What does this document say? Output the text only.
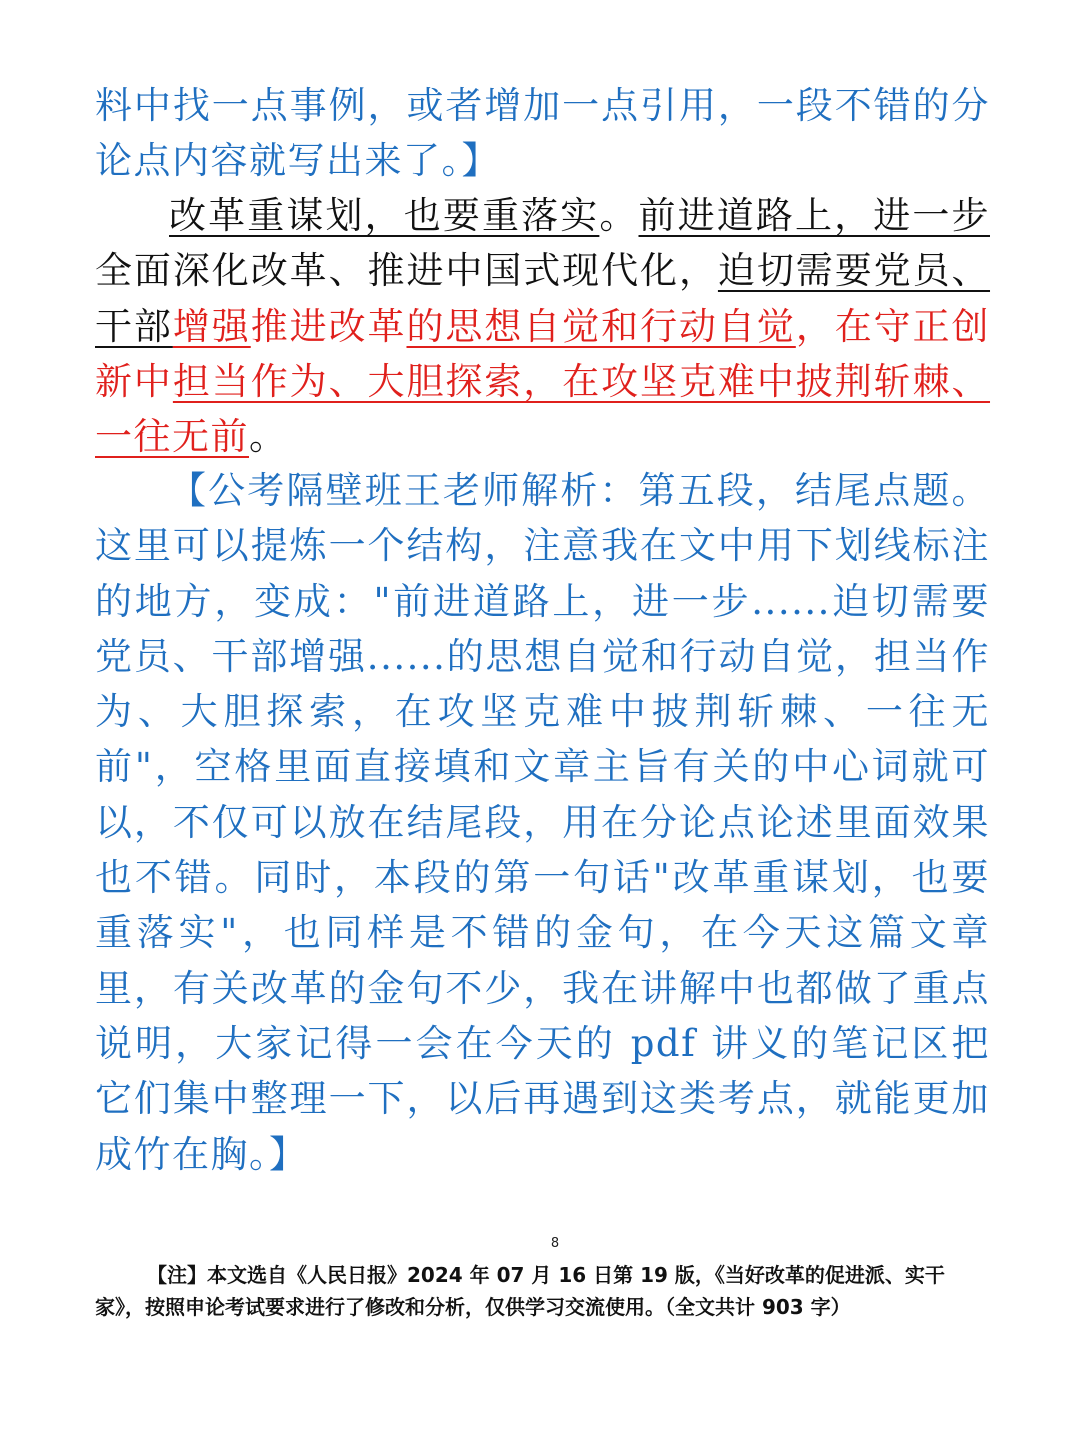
料中找一点事例，或者增加一点引用，一段不错的分论点内容就写出来了。】

改革重谋划，也要重落实。前进道路上，进一步全面深化改革、推进中国式现代化，迫切需要党员、干部增强推进改革的思想自觉和行动自觉，在守正创新中担当作为、大胆探索，在攻坚克难中披荆斩棘、一往无前。

【公考隔壁班王老师解析：第五段，结尾点题。这里可以提炼一个结构，注意我在文中用下划线标注的地方，变成："前进道路上，进一步......迫切需要党员、干部增强......的思想自觉和行动自觉，担当作为、大胆探索，在攻坚克难中披荆斩棘、一往无前"，空格里面直接填和文章主旨有关的中心词就可以，不仅可以放在结尾段，用在分论点论述里面效果也不错。同时，本段的第一句话"改革重谋划，也要重落实"，也同样是不错的金句，在今天这篇文章里，有关改革的金句不少，我在讲解中也都做了重点说明，大家记得一会在今天的 pdf 讲义的笔记区把它们集中整理一下，以后再遇到这类考点，就能更加成竹在胸。】

8

【注】本文选自《人民日报》2024 年 07 月 16 日第 19 版，《当好改革的促进派、实干家》，按照申论考试要求进行了修改和分析，仅供学习交流使用。（全文共计 903 字）
